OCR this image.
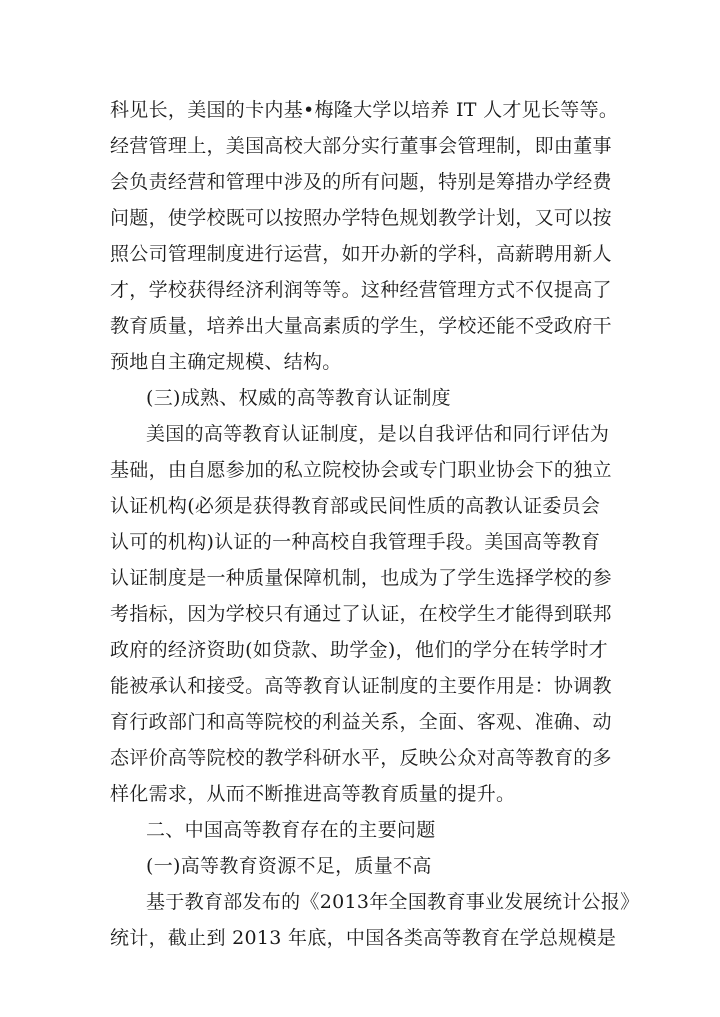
科见长，美国的卡内基•梅隆大学以培养 IT 人才见长等等。
经营管理上，美国高校大部分实行董事会管理制，即由董事
会负责经营和管理中涉及的所有问题，特别是筹措办学经费
问题，使学校既可以按照办学特色规划教学计划，又可以按
照公司管理制度进行运营，如开办新的学科，高薪聘用新人
才，学校获得经济利润等等。这种经营管理方式不仅提高了
教育质量，培养出大量高素质的学生，学校还能不受政府干
预地自主确定规模、结构。
(三)成熟、权威的高等教育认证制度
美国的高等教育认证制度，是以自我评估和同行评估为
基础，由自愿参加的私立院校协会或专门职业协会下的独立
认证机构(必须是获得教育部或民间性质的高教认证委员会
认可的机构)认证的一种高校自我管理手段。美国高等教育
认证制度是一种质量保障机制，也成为了学生选择学校的参
考指标，因为学校只有通过了认证，在校学生才能得到联邦
政府的经济资助(如贷款、助学金)，他们的学分在转学时才
能被承认和接受。高等教育认证制度的主要作用是：协调教
育行政部门和高等院校的利益关系，全面、客观、准确、动
态评价高等院校的教学科研水平，反映公众对高等教育的多
样化需求，从而不断推进高等教育质量的提升。
二、中国高等教育存在的主要问题
(一)高等教育资源不足，质量不高
基于教育部发布的《2013年全国教育事业发展统计公报》
统计，截止到 2013 年底，中国各类高等教育在学总规模是
